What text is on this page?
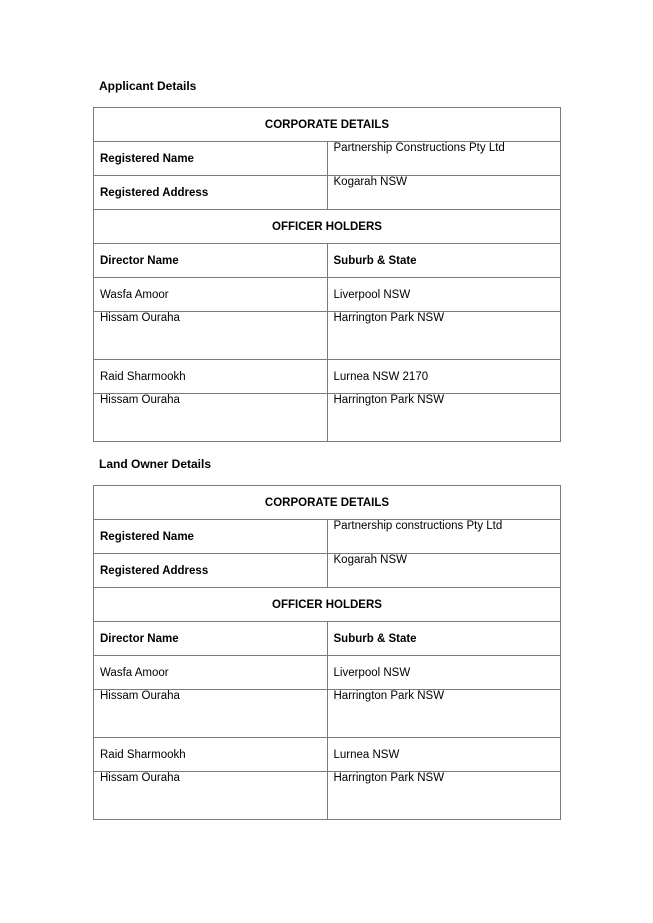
Applicant Details
CORPORATE DETAILS	
Registered Name	Partnership Constructions Pty Ltd
Registered Address	Kogarah NSW
OFFICER HOLDERS	
Director Name	Suburb & State
Wasfa Amoor	Liverpool NSW
Hissam Ouraha	Harrington Park NSW
Raid Sharmookh	Lurnea NSW 2170
Hissam Ouraha	Harrington Park NSW
Land Owner Details
CORPORATE DETAILS	
Registered Name	Partnership constructions Pty Ltd
Registered Address	Kogarah NSW
OFFICER HOLDERS	
Director Name	Suburb & State
Wasfa Amoor	Liverpool NSW
Hissam Ouraha	Harrington Park NSW
Raid Sharmookh	Lurnea NSW
Hissam Ouraha	Harrington Park NSW
